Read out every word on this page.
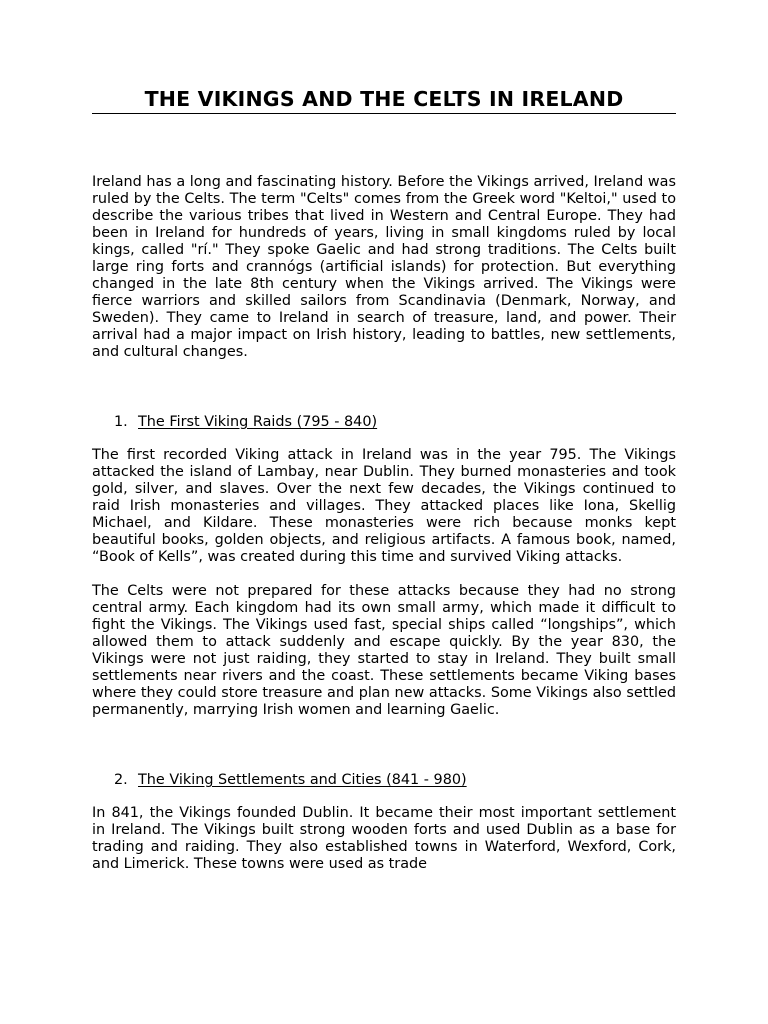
THE VIKINGS AND THE CELTS IN IRELAND

Ireland has a long and fascinating history. Before the Vikings arrived, Ireland was ruled by the Celts. The term "Celts" comes from the Greek word "Keltoi," used to describe the various tribes that lived in Western and Central Europe. They had been in Ireland for hundreds of years, living in small kingdoms ruled by local kings, called "rí." They spoke Gaelic and had strong traditions. The Celts built large ring forts and crannógs (artificial islands) for protection. But everything changed in the late 8th century when the Vikings arrived. The Vikings were fierce warriors and skilled sailors from Scandinavia (Denmark, Norway, and Sweden). They came to Ireland in search of treasure, land, and power. Their arrival had a major impact on Irish history, leading to battles, new settlements, and cultural changes.

1. The First Viking Raids (795 - 840)

The first recorded Viking attack in Ireland was in the year 795. The Vikings attacked the island of Lambay, near Dublin. They burned monasteries and took gold, silver, and slaves. Over the next few decades, the Vikings continued to raid Irish monasteries and villages. They attacked places like Iona, Skellig Michael, and Kildare. These monasteries were rich because monks kept beautiful books, golden objects, and religious artifacts. A famous book, named, “Book of Kells”, was created during this time and survived Viking attacks.

The Celts were not prepared for these attacks because they had no strong central army. Each kingdom had its own small army, which made it difficult to fight the Vikings. The Vikings used fast, special ships called “longships”, which allowed them to attack suddenly and escape quickly. By the year 830, the Vikings were not just raiding, they started to stay in Ireland. They built small settlements near rivers and the coast. These settlements became Viking bases where they could store treasure and plan new attacks. Some Vikings also settled permanently, marrying Irish women and learning Gaelic.

2. The Viking Settlements and Cities (841 - 980)

In 841, the Vikings founded Dublin. It became their most important settlement in Ireland. The Vikings built strong wooden forts and used Dublin as a base for trading and raiding. They also established towns in Waterford, Wexford, Cork, and Limerick. These towns were used as trade
